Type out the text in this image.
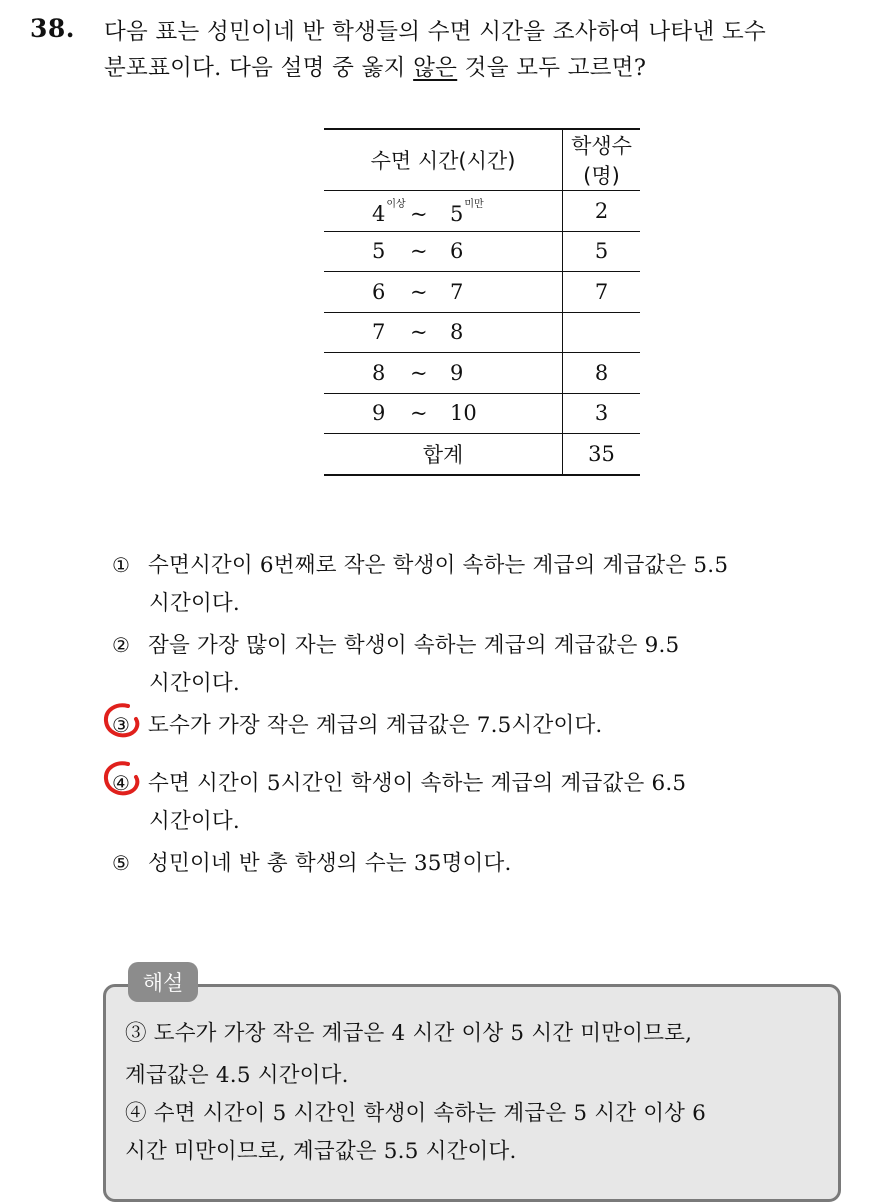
38. 다음 표는 성민이네 반 학생들의 수면 시간을 조사하여 나타낸 도수
분포표이다. 다음 설명 중 옳지 않은 것을 모두 고르면?
수면 시간(시간)	학생수(명)
$4^{이상}$ ~ $5^{미만}$	2
5 ~ 6	5
6 ~ 7	7
7 ~ 8	
8 ~ 9	8
9 ~ 10	3
합계	35
① 수면시간이 6번째로 작은 학생이 속하는 계급의 계급값은 5.5
시간이다.
② 잠을 가장 많이 자는 학생이 속하는 계급의 계급값은 9.5
시간이다.
③ 도수가 가장 작은 계급의 계급값은 7.5시간이다.
④ 수면 시간이 5시간인 학생이 속하는 계급의 계급값은 6.5
시간이다.
⑤ 성민이네 반 총 학생의 수는 35명이다.
해설
③ 도수가 가장 작은 계급은 4 시간 이상 5 시간 미만이므로,
계급값은 4.5 시간이다.
④ 수면 시간이 5 시간인 학생이 속하는 계급은 5 시간 이상 6
시간 미만이므로, 계급값은 5.5 시간이다.
